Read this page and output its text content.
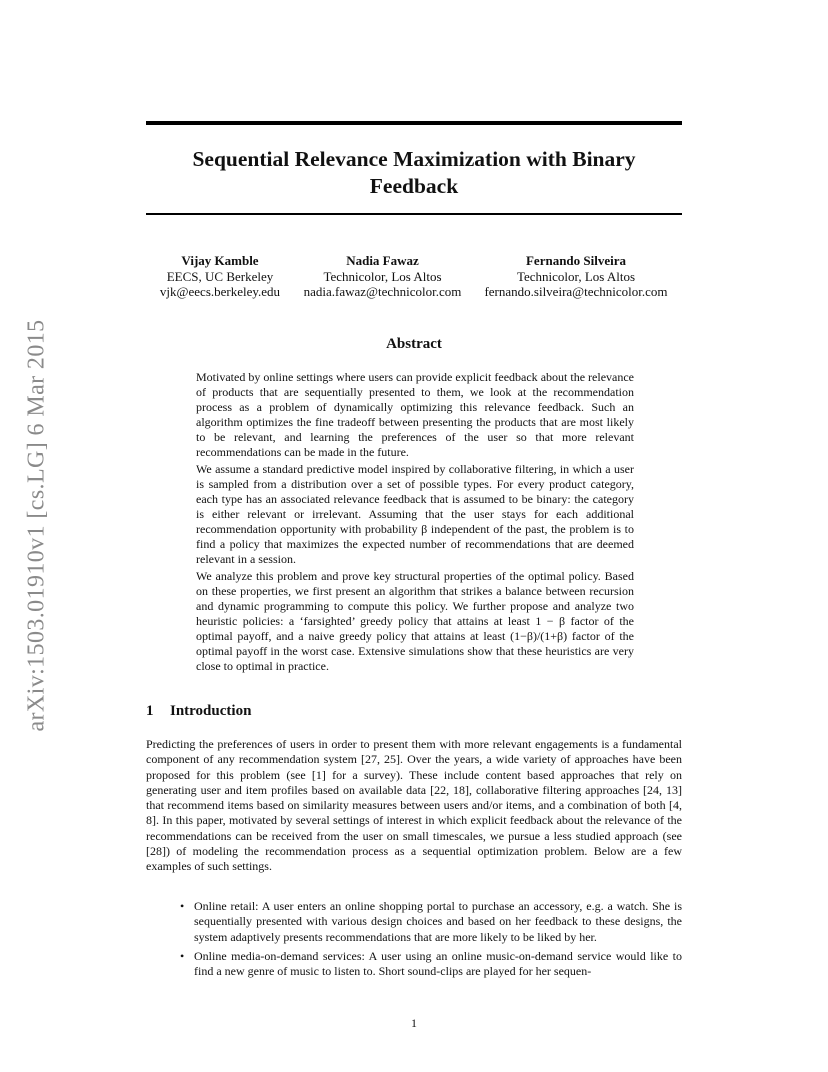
arXiv:1503.01910v1 [cs.LG] 6 Mar 2015
Sequential Relevance Maximization with Binary Feedback
Vijay Kamble
EECS, UC Berkeley
vjk@eecs.berkeley.edu
Nadia Fawaz
Technicolor, Los Altos
nadia.fawaz@technicolor.com
Fernando Silveira
Technicolor, Los Altos
fernando.silveira@technicolor.com
Abstract

Motivated by online settings where users can provide explicit feedback about the relevance of products that are sequentially presented to them, we look at the recommendation process as a problem of dynamically optimizing this relevance feedback. Such an algorithm optimizes the fine tradeoff between presenting the products that are most likely to be relevant, and learning the preferences of the user so that more relevant recommendations can be made in the future.

We assume a standard predictive model inspired by collaborative filtering, in which a user is sampled from a distribution over a set of possible types. For every product category, each type has an associated relevance feedback that is assumed to be binary: the category is either relevant or irrelevant. Assuming that the user stays for each additional recommendation opportunity with probability β independent of the past, the problem is to find a policy that maximizes the expected number of recommendations that are deemed relevant in a session.

We analyze this problem and prove key structural properties of the optimal policy. Based on these properties, we first present an algorithm that strikes a balance between recursion and dynamic programming to compute this policy. We further propose and analyze two heuristic policies: a ‘farsighted’ greedy policy that attains at least 1 − β factor of the optimal payoff, and a naive greedy policy that attains at least (1−β)/(1+β) factor of the optimal payoff in the worst case. Extensive simulations show that these heuristics are very close to optimal in practice.

1 Introduction

Predicting the preferences of users in order to present them with more relevant engagements is a fundamental component of any recommendation system [27, 25]. Over the years, a wide variety of approaches have been proposed for this problem (see [1] for a survey). These include content based approaches that rely on generating user and item profiles based on available data [22, 18], collaborative filtering approaches [24, 13] that recommend items based on similarity measures between users and/or items, and a combination of both [4, 8]. In this paper, motivated by several settings of interest in which explicit feedback about the relevance of the recommendations can be received from the user on small timescales, we pursue a less studied approach (see [28]) of modeling the recommendation process as a sequential optimization problem. Below are a few examples of such settings.

• Online retail: A user enters an online shopping portal to purchase an accessory, e.g. a watch. She is sequentially presented with various design choices and based on her feedback to these designs, the system adaptively presents recommendations that are more likely to be liked by her.
• Online media-on-demand services: A user using an online music-on-demand service would like to find a new genre of music to listen to. Short sound-clips are played for her sequen-
1
